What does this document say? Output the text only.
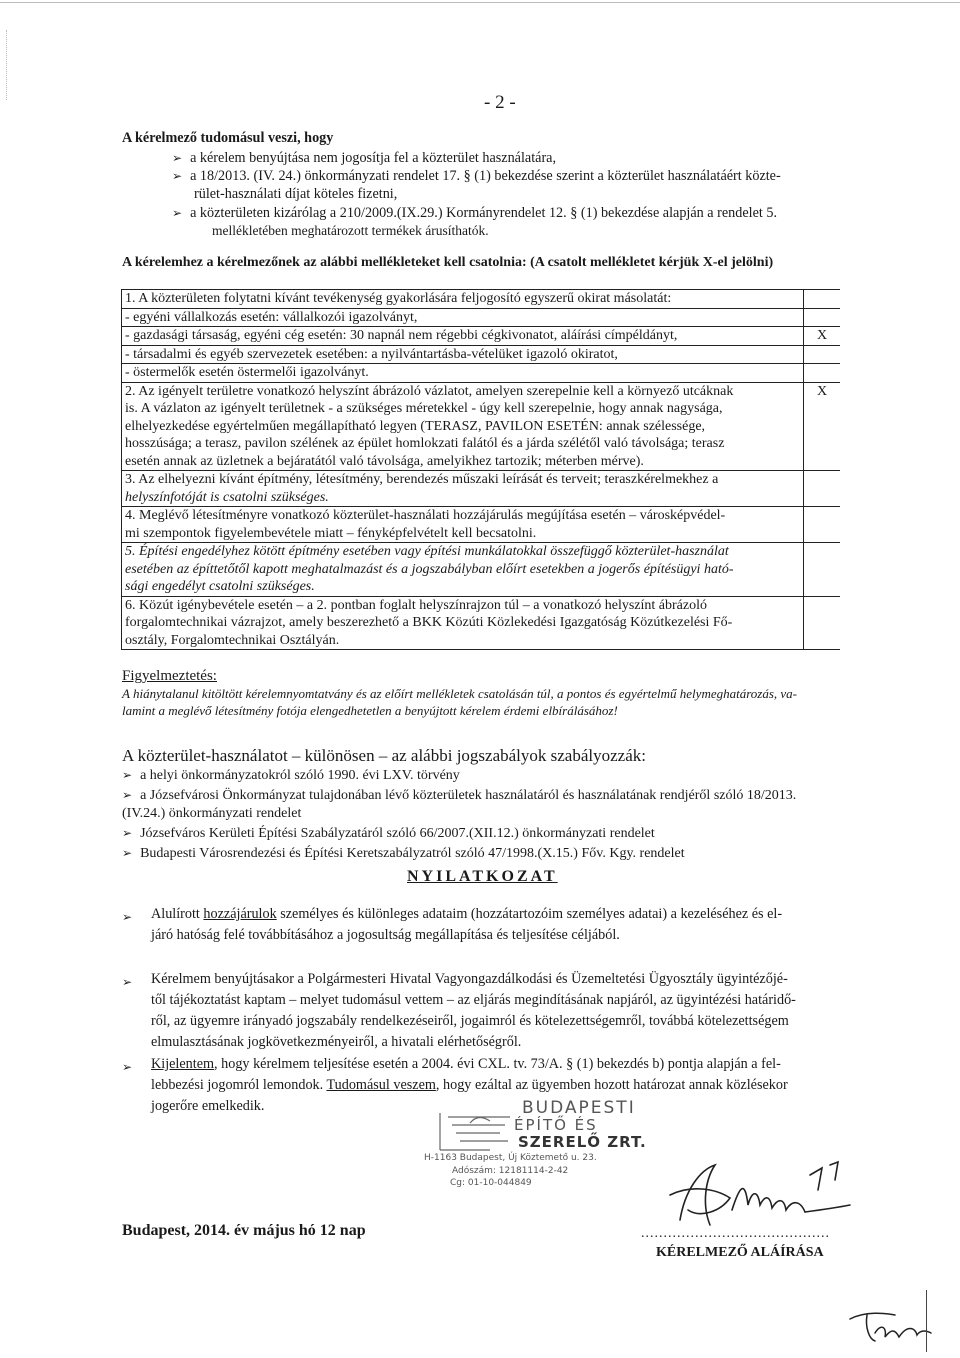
- 2 -
A kérelmező tudomásul veszi, hogy
➢ a kérelem benyújtása nem jogosítja fel a közterület használatára,
➢ a 18/2013. (IV. 24.) önkormányzati rendelet 17. § (1) bekezdése szerint a közterület használatáért közte-
rület-használati díjat köteles fizetni,
➢ a közterületen kizárólag a 210/2009.(IX.29.) Kormányrendelet 12. § (1) bekezdése alapján a rendelet 5.
mellékletében meghatározott termékek árusíthatók.
A kérelemhez a kérelmezőnek az alábbi mellékleteket kell csatolnia: (A csatolt mellékletet kérjük X-el jelölni)
1. A közterületen folytatni kívánt tevékenység gyakorlására feljogosító egyszerű okirat másolatát:	
- egyéni vállalkozás esetén: vállalkozói igazolványt,	
- gazdasági társaság, egyéni cég esetén: 30 napnál nem régebbi cégkivonatot, aláírási címpéldányt,	X
- társadalmi és egyéb szervezetek esetében: a nyilvántartásba-vételüket igazoló okiratot,	
- östermelők esetén östermelői igazolványt.	

2. Az igényelt területre vonatkozó helyszínt ábrázoló vázlatot, amelyen szerepelnie kell a környező utcáknak
is. A vázlaton az igényelt területnek - a szükséges méretekkel - úgy kell szerepelnie, hogy annak nagysága,
elhelyezkedése egyértelműen megállapítható legyen (TERASZ, PAVILON ESETÉN: annak szélessége,
hosszúsága; a terasz, pavilon szélének az épület homlokzati falától és a járda szélétől való távolsága; terasz
esetén annak az üzletnek a bejáratától való távolsága, amelyikhez tartozik; méterben mérve).	X

3. Az elhelyezni kívánt építmény, létesítmény, berendezés műszaki leírását és terveit; teraszkérelmekhez a
helyszínfotóját is csatolni szükséges.	

4. Meglévő létesítményre vonatkozó közterület-használati hozzájárulás megújítása esetén – városképvédel-
mi szempontok figyelembevétele miatt – fényképfelvételt kell becsatolni.	

5. Építési engedélyhez kötött építmény esetében vagy építési munkálatokkal összefüggő közterület-használat
esetében az építtetőtől kapott meghatalmazást és a jogszabályban előírt esetekben a jogerős építésügyi ható-
sági engedélyt csatolni szükséges.	

6. Közút igénybevétele esetén – a 2. pontban foglalt helyszínrajzon túl – a vonatkozó helyszínt ábrázoló
forgalomtechnikai vázrajzot, amely beszerezhető a BKK Közúti Közlekedési Igazgatóság Közútkezelési Fő-
osztály, Forgalomtechnikai Osztályán.	

Figyelmeztetés:
A hiánytalanul kitöltött kérelemnyomtatvány és az előírt mellékletek csatolásán túl, a pontos és egyértelmű helymeghatározás, va-
lamint a meglévő létesítmény fotója elengedhetetlen a benyújtott kérelem érdemi elbírálásához!
A közterület-használatot – különösen – az alábbi jogszabályok szabályozzák:
➢ a helyi önkormányzatokról szóló 1990. évi LXV. törvény
➢ a Józsefvárosi Önkormányzat tulajdonában lévő közterületek használatáról és használatának rendjéről szóló 18/2013.
(IV.24.) önkormányzati rendelet
➢ Józsefváros Kerületi Építési Szabályzatáról szóló 66/2007.(XII.12.) önkormányzati rendelet
➢ Budapesti Városrendezési és Építési Keretszabályzatról szóló 47/1998.(X.15.) Főv. Kgy. rendelet
NYILATKOZAT
➢ Alulírott hozzájárulok személyes és különleges adataim (hozzátartozóim személyes adatai) a kezeléséhez és el-
járó hatóság felé továbbításához a jogosultság megállapítása és teljesítése céljából.
➢ Kérelmem benyújtásakor a Polgármesteri Hivatal Vagyongazdálkodási és Üzemeltetési Ügyosztály ügyintézőjé-
től tájékoztatást kaptam – melyet tudomásul vettem – az eljárás megindításának napjáról, az ügyintézési határidő-
ről, az ügyemre irányadó jogszabály rendelkezéseiről, jogaimról és kötelezettségemről, továbbá kötelezettségem
elmulasztásának jogkövetkezményeiről, a hivatali elérhetőségről.
➢ Kijelentem, hogy kérelmem teljesítése esetén a 2004. évi CXL. tv. 73/A. § (1) bekezdés b) pontja alapján a fel-
lebbezési jogomról lemondok. Tudomásul veszem, hogy ezáltal az ügyemben hozott határozat annak közlésekor
jogerőre emelkedik.	BUDAPESTI
ÉPÍTŐ ÉS
SZERELŐ ZRT.
H-1163 Budapest, Új Köztemető u. 23.
Adószám: 12181114-2-42
Cg: 01-10-044849
Budapest, 2014. év május hó 12 nap	..........................................
KÉRELMEZŐ ALÁÍRÁSA
